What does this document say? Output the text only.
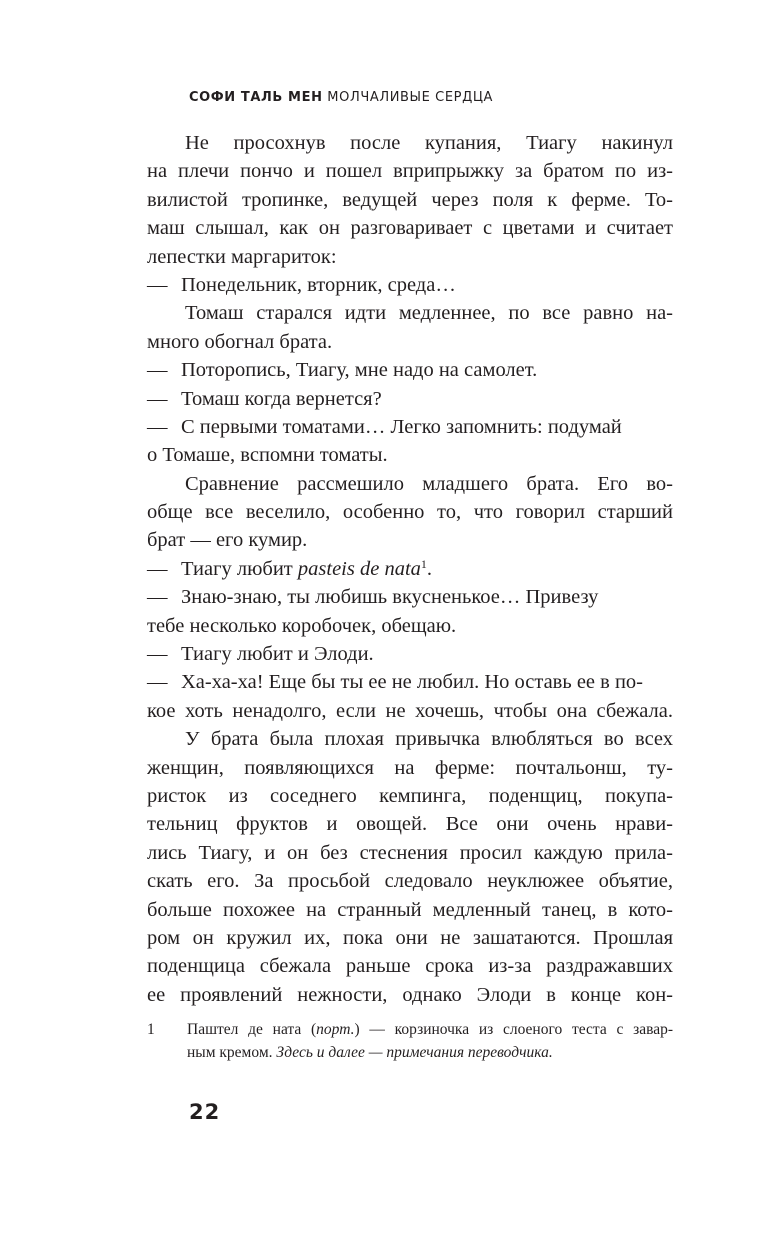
СОФИ ТАЛЬ МЕН МОЛЧАЛИВЫЕ СЕРДЦА
Не просохнув после купания, Тиагу накинул
на плечи пончо и пошел вприпрыжку за братом по из-
вилистой тропинке, ведущей через поля к ферме. То-
маш слышал, как он разговаривает с цветами и считает
лепестки маргариток:
— Понедельник, вторник, среда…
Томаш старался идти медленнее, по все равно на-
много обогнал брата.
— Поторопись, Тиагу, мне надо на самолет.
— Томаш когда вернется?
— С первыми томатами… Легко запомнить: подумай
о Томаше, вспомни томаты.
Сравнение рассмешило младшего брата. Его во-
обще все веселило, особенно то, что говорил старший
брат — его кумир.
— Тиагу любит pasteis de nata$^1$.
— Знаю-знаю, ты любишь вкусненькое… Привезу
тебе несколько коробочек, обещаю.
— Тиагу любит и Элоди.
— Ха-ха-ха! Еще бы ты ее не любил. Но оставь ее в по-
кое хоть ненадолго, если не хочешь, чтобы она сбежала.
У брата была плохая привычка влюбляться во всех
женщин, появляющихся на ферме: почтальонш, ту-
ристок из соседнего кемпинга, поденщиц, покупа-
тельниц фруктов и овощей. Все они очень нрави-
лись Тиагу, и он без стеснения просил каждую прила-
скать его. За просьбой следовало неуклюжее объятие,
больше похожее на странный медленный танец, в кото-
ром он кружил их, пока они не зашатаются. Прошлая
поденщица сбежала раньше срока из-за раздражавших
ее проявлений нежности, однако Элоди в конце кон-
1 Паштел де ната (порт.) — корзиночка из слоеного теста с завар-
ным кремом. Здесь и далее — примечания переводчика.
22
